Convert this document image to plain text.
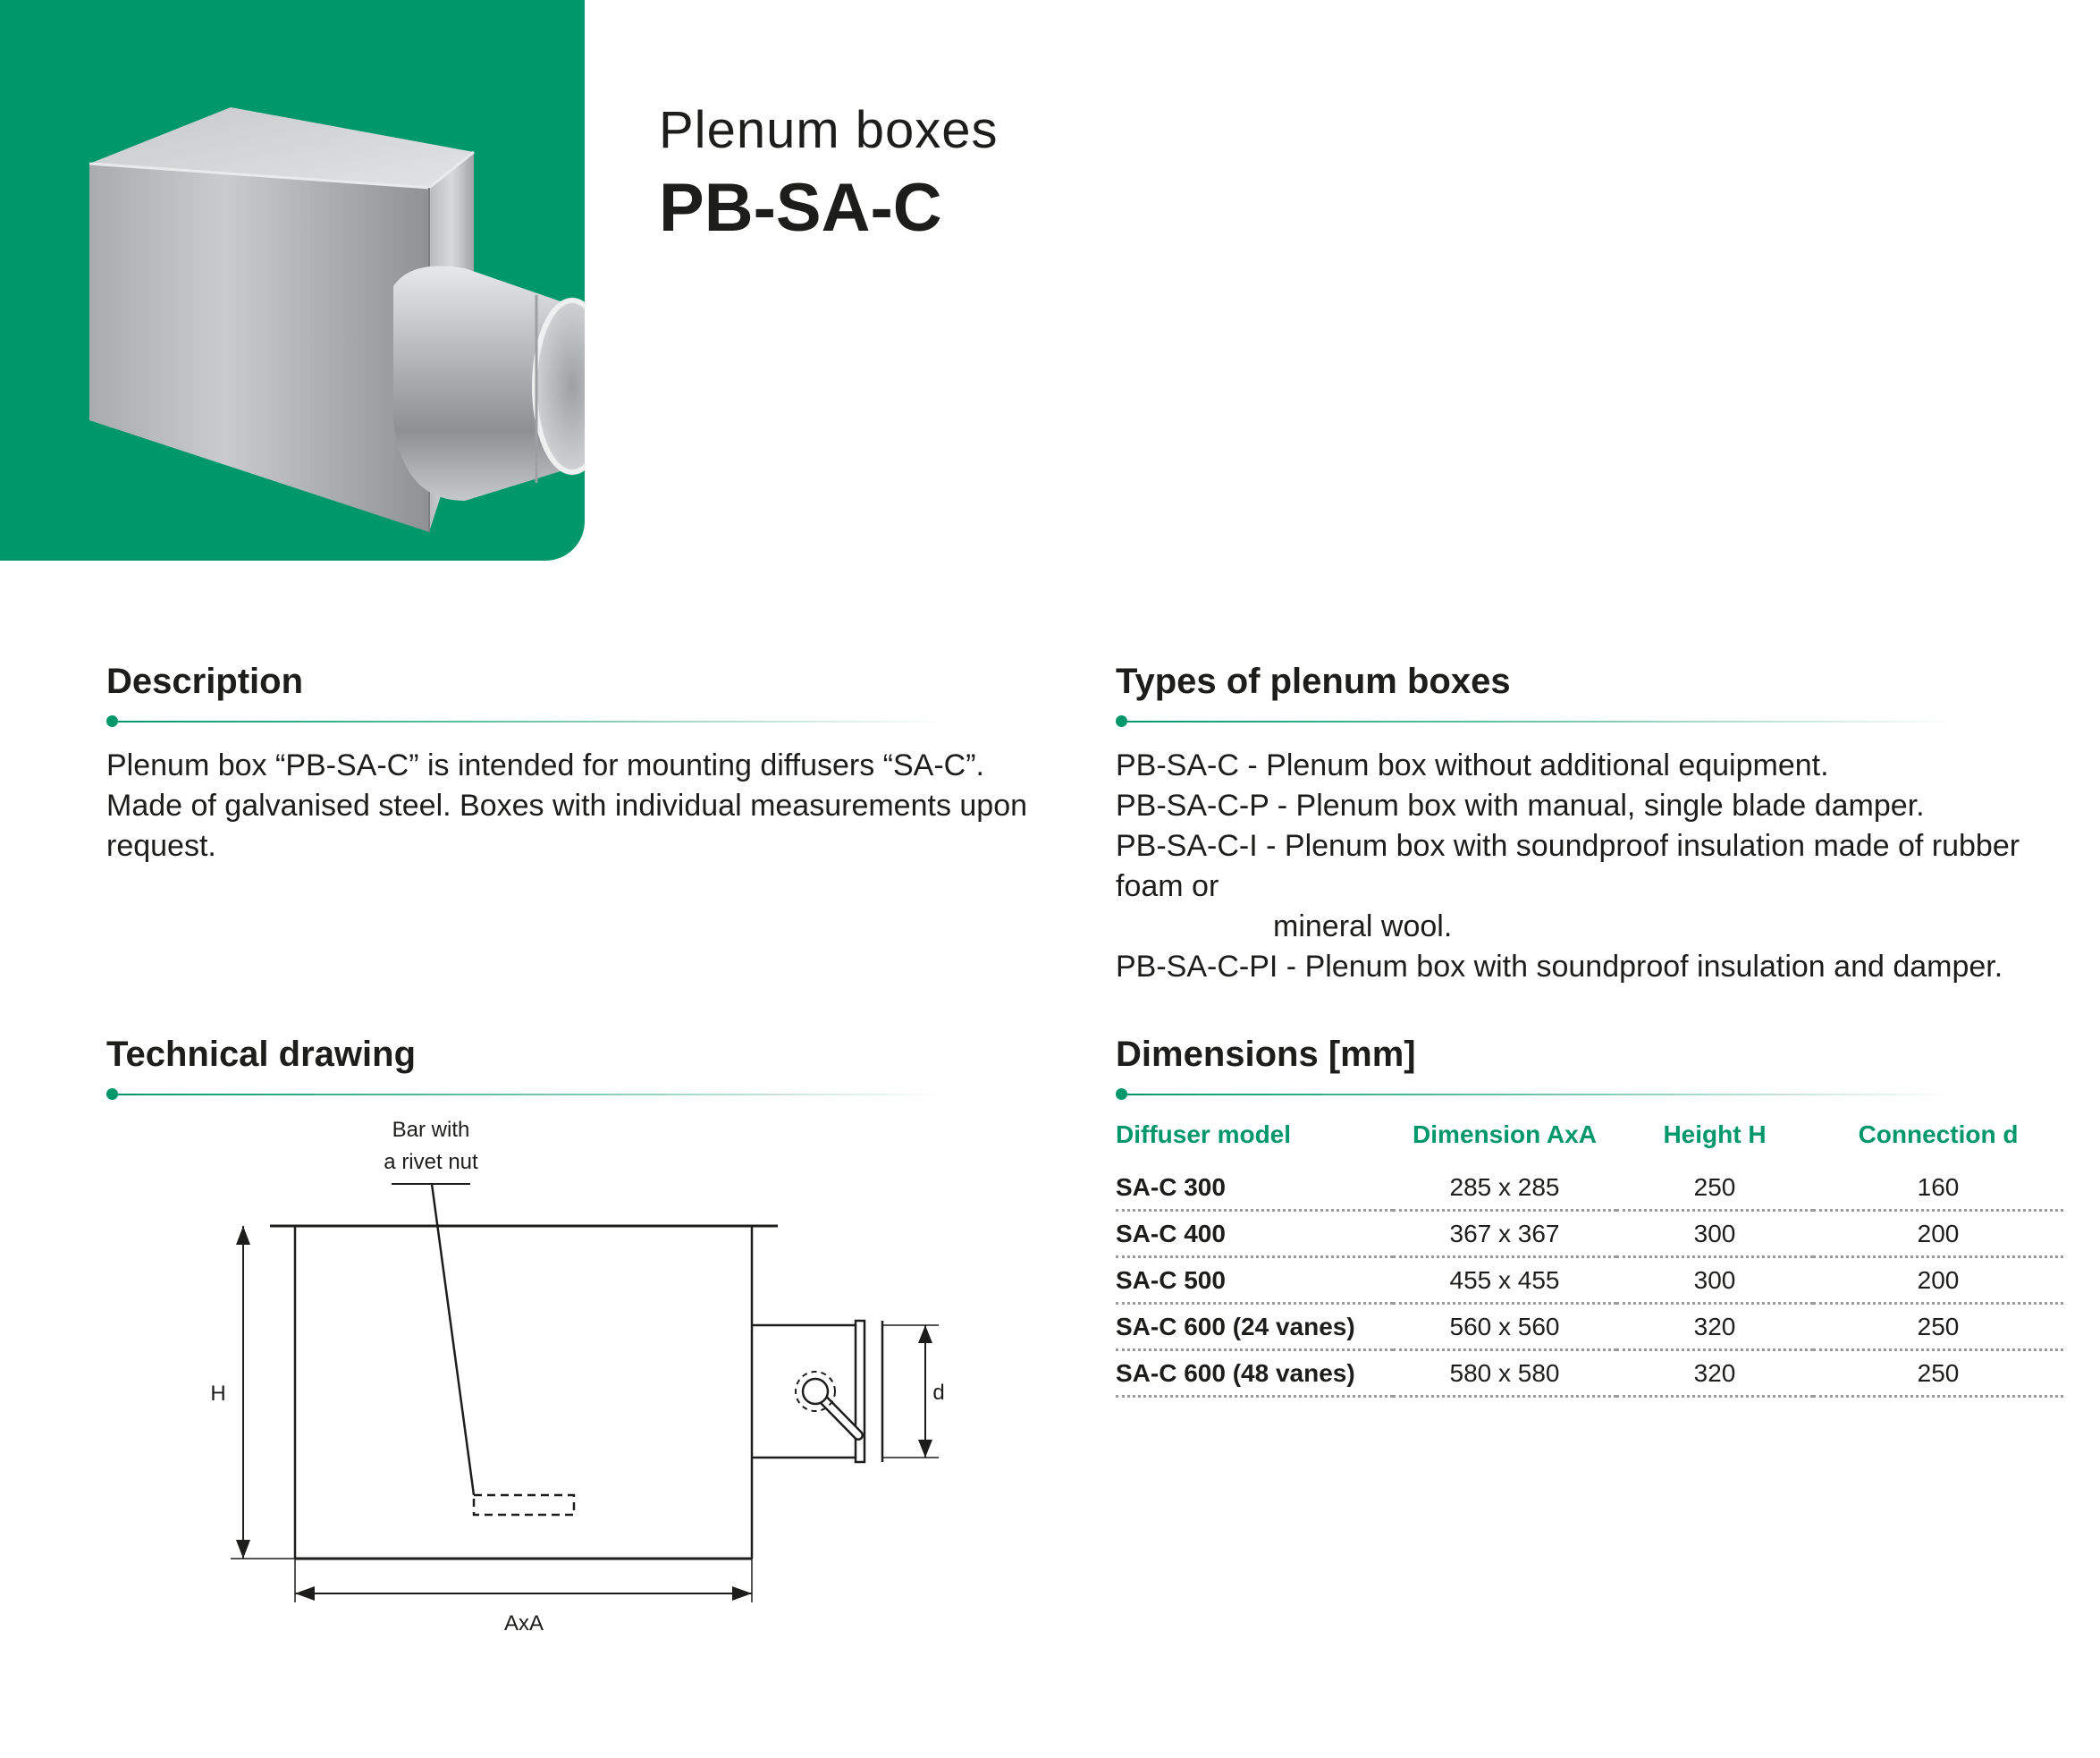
Plenum boxes
PB-SA-C
Description
Plenum box “PB-SA-C” is intended for mounting diffusers “SA-C”. Made of galvanised steel. Boxes with individual measurements upon request.
Types of plenum boxes
PB-SA-C - Plenum box without additional equipment.
PB-SA-C-P - Plenum box with manual, single blade damper.
PB-SA-C-I - Plenum box with soundproof insulation made of rubber foam or
mineral wool.
PB-SA-C-PI - Plenum box with soundproof insulation and damper.
Technical drawing
Bar with
a rivet nut
H	d
AxA
Dimensions [mm]
Diffuser model	Dimension AxA	Height H	Connection d
SA-C 300	285 x 285	250	160
SA-C 400	367 x 367	300	200
SA-C 500	455 x 455	300	200
SA-C 600 (24 vanes)	560 x 560	320	250
SA-C 600 (48 vanes)	580 x 580	320	250
